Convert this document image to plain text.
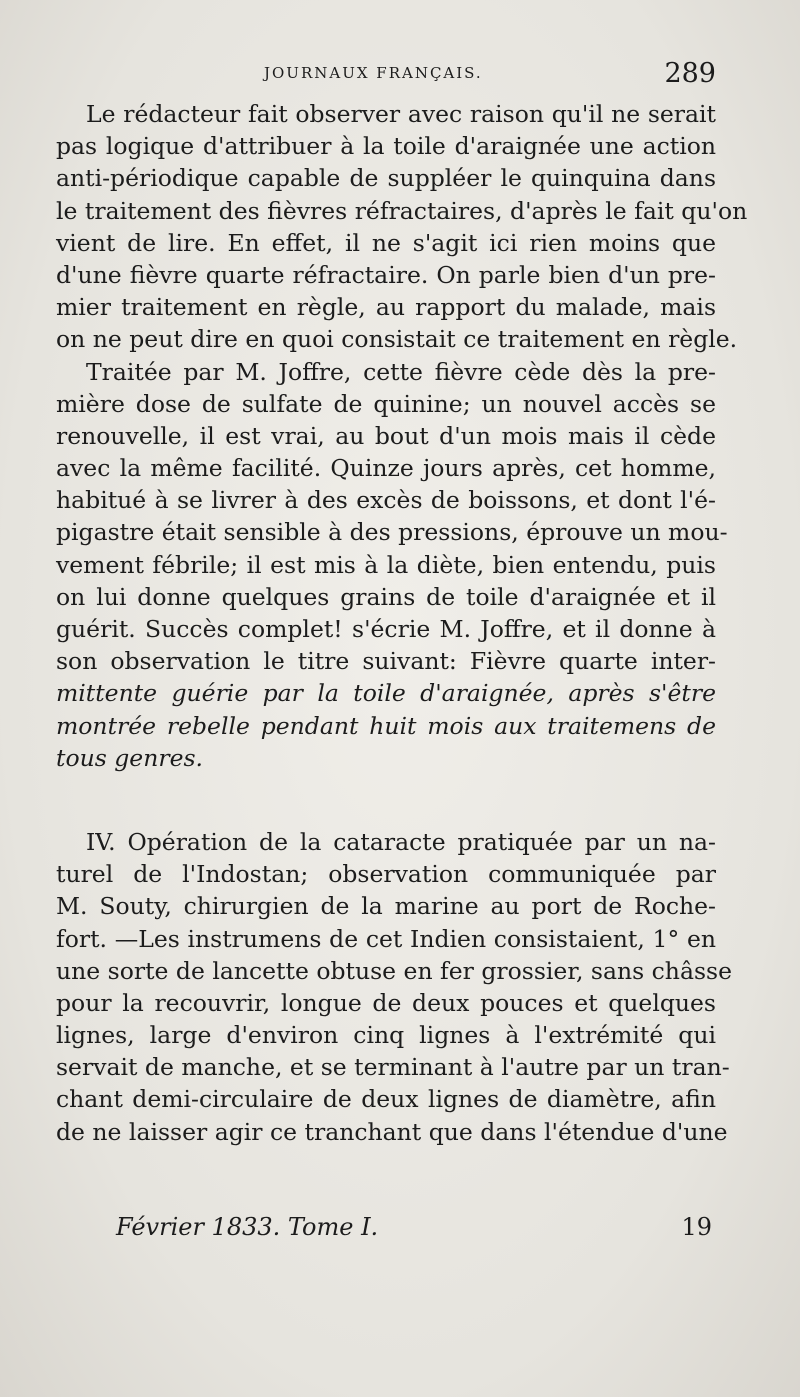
JOURNAUX FRANÇAIS.	289
Le rédacteur fait observer avec raison qu'il ne serait
pas logique d'attribuer à la toile d'araignée une action
anti-périodique capable de suppléer le quinquina dans
le traitement des fièvres réfractaires, d'après le fait qu'on
vient de lire. En effet, il ne s'agit ici rien moins que
d'une fièvre quarte réfractaire. On parle bien d'un pre-
mier traitement en règle, au rapport du malade, mais
on ne peut dire en quoi consistait ce traitement en règle.
Traitée par M. Joffre, cette fièvre cède dès la pre-
mière dose de sulfate de quinine; un nouvel accès se
renouvelle, il est vrai, au bout d'un mois mais il cède
avec la même facilité. Quinze jours après, cet homme,
habitué à se livrer à des excès de boissons, et dont l'é-
pigastre était sensible à des pressions, éprouve un mou-
vement fébrile; il est mis à la diète, bien entendu, puis
on lui donne quelques grains de toile d'araignée et il
guérit. Succès complet! s'écrie M. Joffre, et il donne à
son observation le titre suivant: Fièvre quarte inter-
mittente guérie par la toile d'araignée, après s'être
montrée rebelle pendant huit mois aux traitemens de
tous genres.
IV. Opération de la cataracte pratiquée par un na-
turel de l'Indostan; observation communiquée par
M. Souty, chirurgien de la marine au port de Roche-
fort. —Les instrumens de cet Indien consistaient, 1° en
une sorte de lancette obtuse en fer grossier, sans châsse
pour la recouvrir, longue de deux pouces et quelques
lignes, large d'environ cinq lignes à l'extrémité qui
servait de manche, et se terminant à l'autre par un tran-
chant demi-circulaire de deux lignes de diamètre, afin
de ne laisser agir ce tranchant que dans l'étendue d'une
Février 1833. Tome I.	19
